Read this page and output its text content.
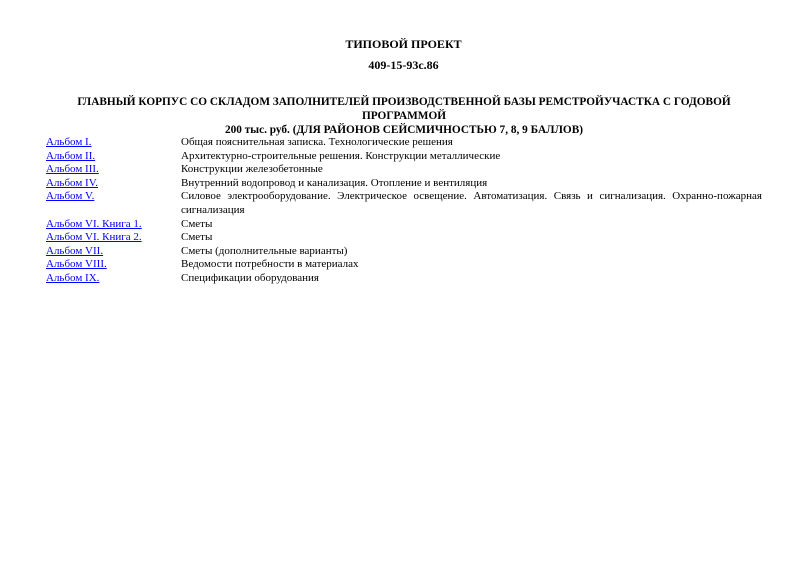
ТИПОВОЙ ПРОЕКТ
409-15-93с.86
ГЛАВНЫЙ КОРПУС СО СКЛАДОМ ЗАПОЛНИТЕЛЕЙ ПРОИЗВОДСТВЕННОЙ БАЗЫ РЕМСТРОЙУЧАСТКА С ГОДОВОЙ ПРОГРАММОЙ
200 тыс. руб. (ДЛЯ РАЙОНОВ СЕЙСМИЧНОСТЬЮ 7, 8, 9 БАЛЛОВ)
Альбом I.	Общая пояснительная записка. Технологические решения
Альбом II.	Архитектурно-строительные решения. Конструкции металлические
Альбом III.	Конструкции железобетонные
Альбом IV.	Внутренний водопровод и канализация. Отопление и вентиляция
Альбом V.	Силовое электрооборудование. Электрическое освещение. Автоматизация. Связь и сигнализация. Охранно-пожарная сигнализация
Альбом VI. Книга 1.	Сметы
Альбом VI. Книга 2.	Сметы
Альбом VII.	Сметы (дополнительные варианты)
Альбом VIII.	Ведомости потребности в материалах
Альбом IX.	Спецификации оборудования
